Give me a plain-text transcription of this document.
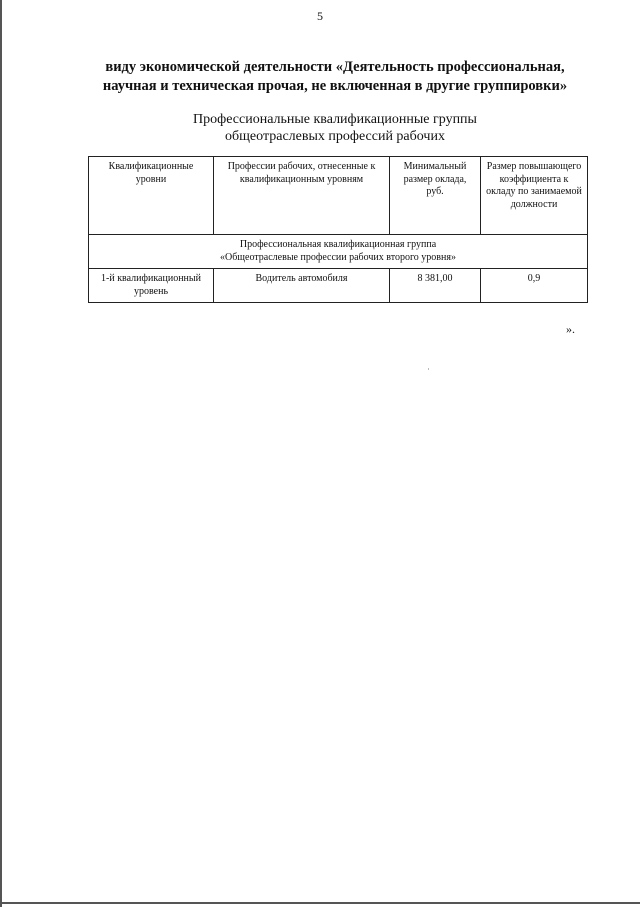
5
виду экономической деятельности «Деятельность профессиональная,
научная и техническая прочая, не включенная в другие группировки»
Профессиональные квалификационные группы
общеотраслевых профессий рабочих
Квалификационные уровни	Профессии рабочих, отнесенные к квалификационным уровням	Минимальный размер оклада, руб.	Размер повышающего коэффициента к окладу по занимаемой должности

Профессиональная квалификационная группа
«Общеотраслевые профессии рабочих второго уровня»			

1-й квалификационный уровень	Водитель автомобиля	8 381,00	0,9
».
